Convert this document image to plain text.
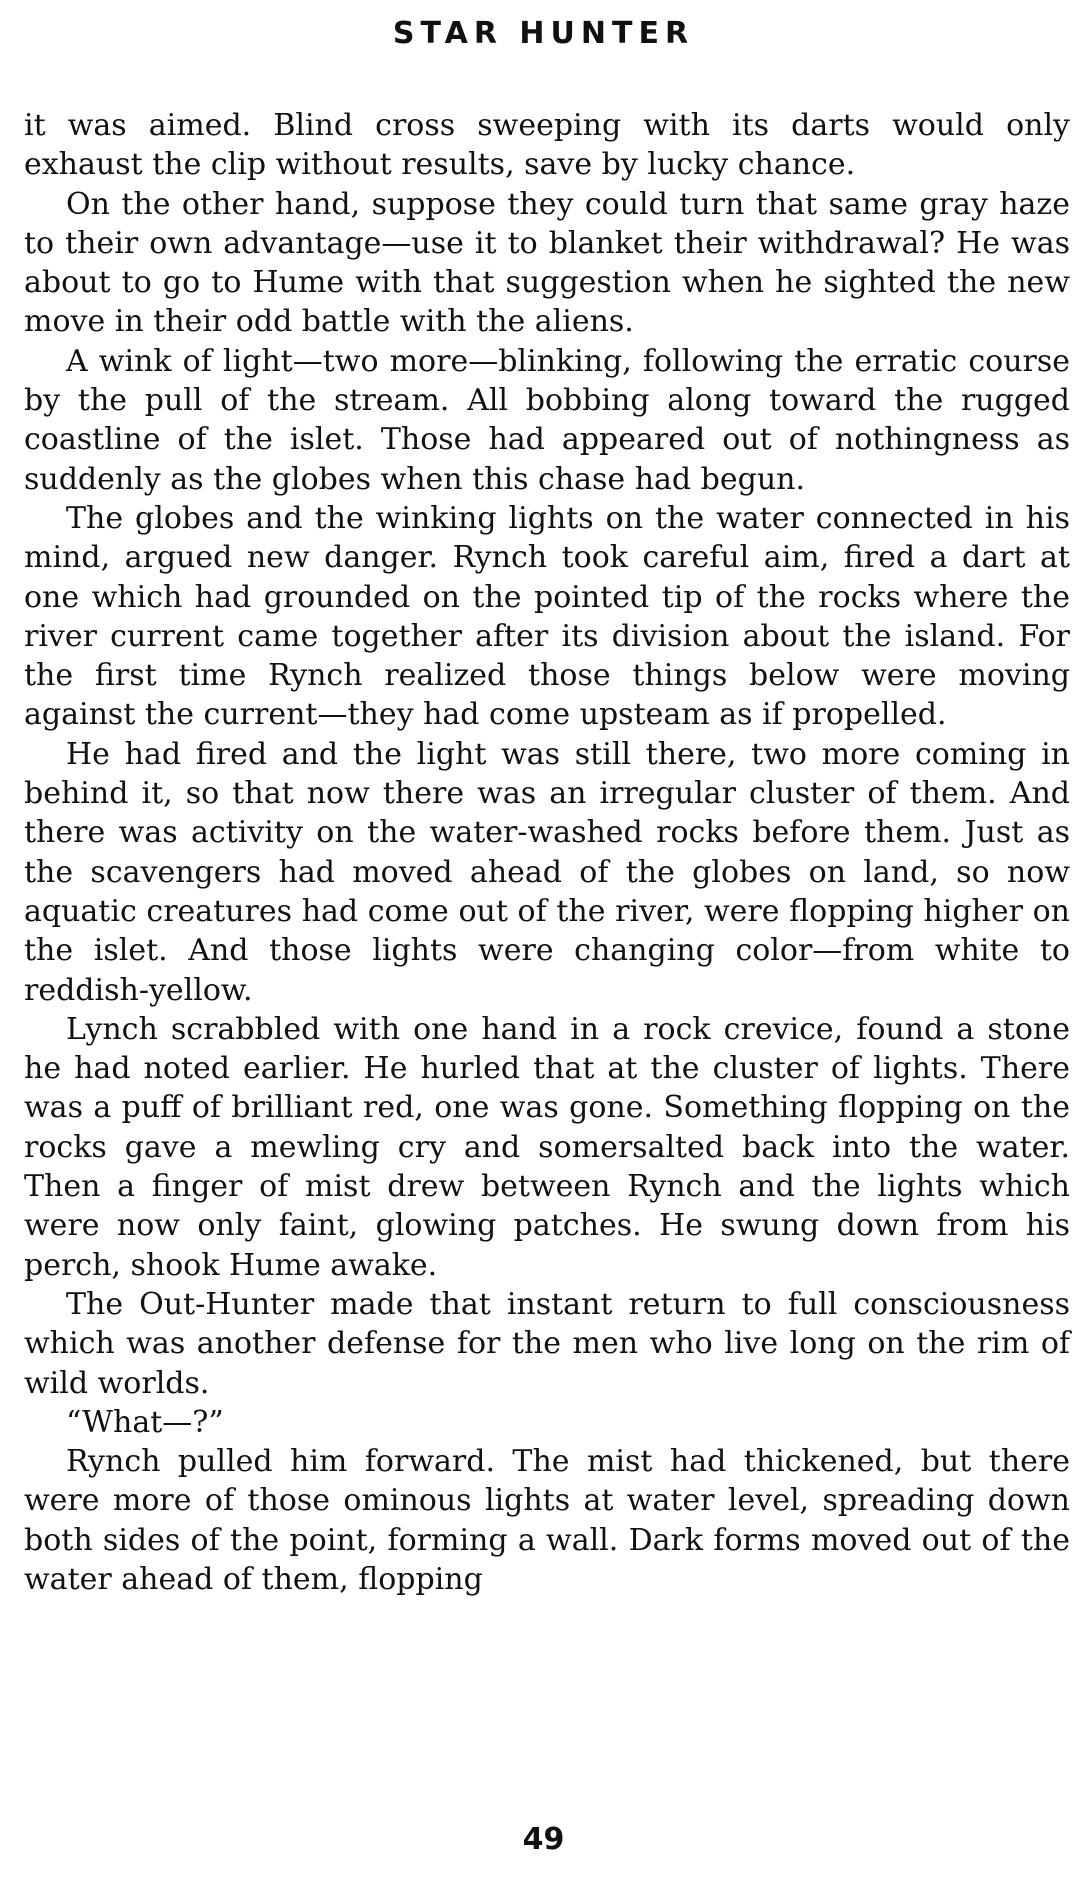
STAR HUNTER

it was aimed. Blind cross sweeping with its darts would only exhaust the clip without results, save by lucky chance.

On the other hand, suppose they could turn that same gray haze to their own advantage—use it to blanket their withdrawal? He was about to go to Hume with that suggestion when he sighted the new move in their odd battle with the aliens.

A wink of light—two more—blinking, following the erratic course by the pull of the stream. All bobbing along toward the rugged coastline of the islet. Those had appeared out of nothingness as suddenly as the globes when this chase had begun.

The globes and the winking lights on the water connected in his mind, argued new danger. Rynch took careful aim, fired a dart at one which had grounded on the pointed tip of the rocks where the river current came together after its division about the island. For the first time Rynch realized those things below were moving against the current—they had come upsteam as if propelled.

He had fired and the light was still there, two more coming in behind it, so that now there was an irregular cluster of them. And there was activity on the water-washed rocks before them. Just as the scavengers had moved ahead of the globes on land, so now aquatic creatures had come out of the river, were flopping higher on the islet. And those lights were changing color—from white to reddish-yellow.

Lynch scrabbled with one hand in a rock crevice, found a stone he had noted earlier. He hurled that at the cluster of lights. There was a puff of brilliant red, one was gone. Something flopping on the rocks gave a mewling cry and somersalted back into the water. Then a finger of mist drew between Rynch and the lights which were now only faint, glowing patches. He swung down from his perch, shook Hume awake.

The Out-Hunter made that instant return to full consciousness which was another defense for the men who live long on the rim of wild worlds.

“What—?”

Rynch pulled him forward. The mist had thickened, but there were more of those ominous lights at water level, spreading down both sides of the point, forming a wall. Dark forms moved out of the water ahead of them, flopping

49
